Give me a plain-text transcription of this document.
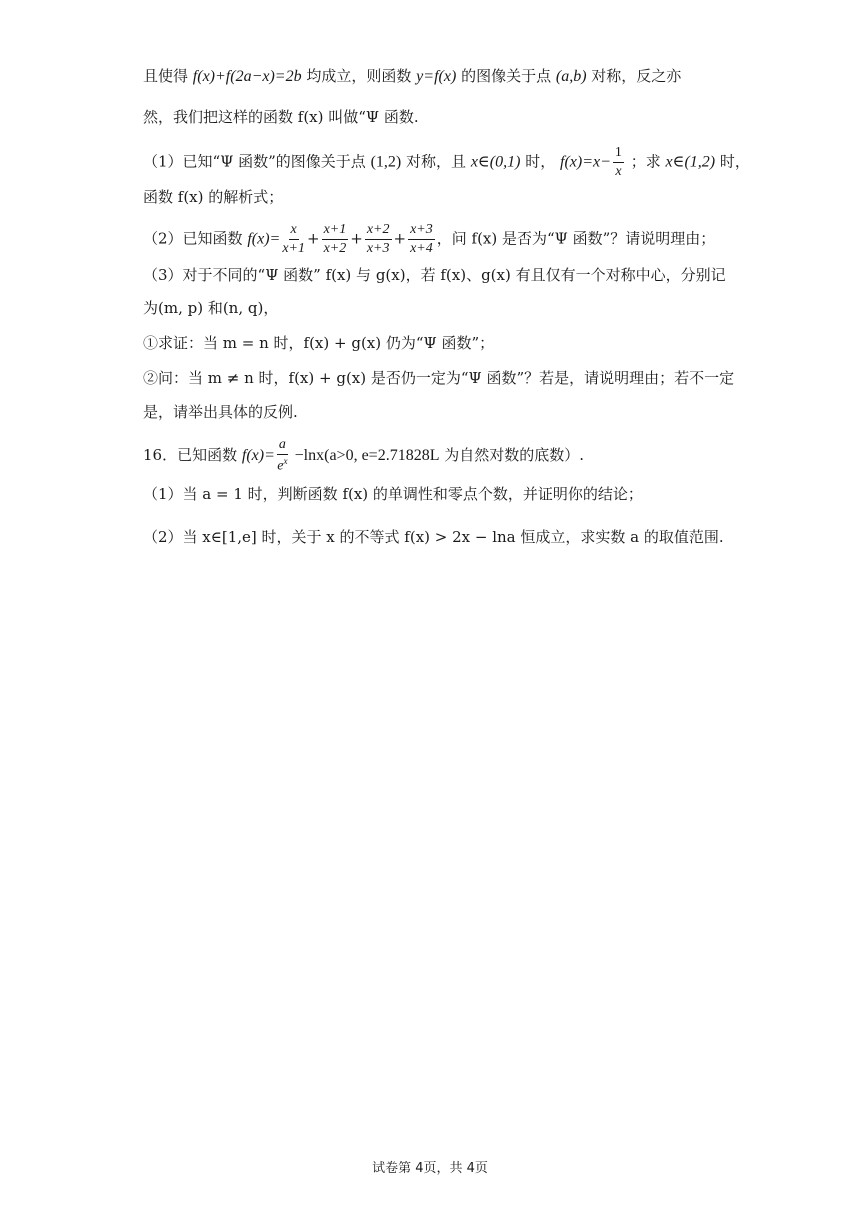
且使得 f(x)+f(2a−x)=2b 均成立，则函数 y=f(x) 的图像关于点 (a,b) 对称，反之亦
然，我们把这样的函数 f(x) 叫做“Ψ 函数.
（1）已知“Ψ 函数”的图像关于点 (1,2) 对称，且 x∈(0,1) 时， $f(x)=x- \frac{1}{x}$ ；求 x∈(1,2) 时，
函数 f(x) 的解析式；
（2）已知函数 $f(x)= \frac{x}{x+1} + \frac{x+1}{x+2} + \frac{x+2}{x+3} + \frac{x+3}{x+4}$ ，问 f(x) 是否为“Ψ 函数”？请说明理由；
（3）对于不同的“Ψ 函数” f(x) 与 g(x)，若 f(x)、g(x) 有且仅有一个对称中心，分别记
为(m, p) 和(n, q)，
①求证：当 m = n 时，f(x) + g(x) 仍为“Ψ 函数”；
②问：当 m ≠ n 时，f(x) + g(x) 是否仍一定为“Ψ 函数”？若是，请说明理由；若不一定
是，请举出具体的反例.
16．已知函数 $f(x)= \frac{a}{e^x} -\ln x(a>0$, e=2.71828L 为自然对数的底数）.
（1）当 a = 1 时，判断函数 f(x) 的单调性和零点个数，并证明你的结论；
（2）当 x∈[1,e] 时，关于 x 的不等式 f(x) > 2x − lna 恒成立，求实数 a 的取值范围.
试卷第 4页，共 4页
